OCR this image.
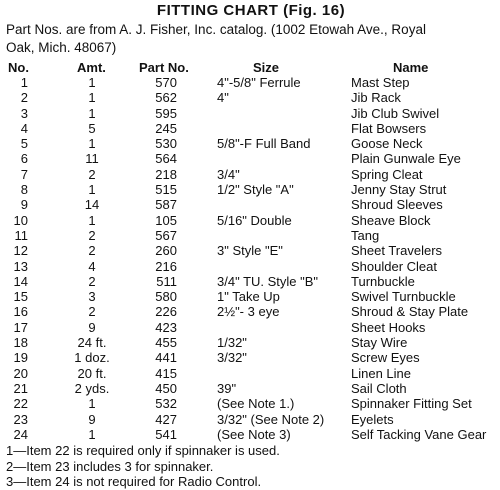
FITTING CHART (Fig. 16)
Part Nos. are from A. J. Fisher, Inc. catalog. (1002 Etowah Ave., Royal
Oak, Mich. 48067)
No.	Amt.	Part No.	Size	Name
1	1	570	4"-5/8" Ferrule	Mast Step
2	1	562	4"	Jib Rack
3	1	595		Jib Club Swivel
4	5	245		Flat Bowsers
5	1	530	5/8"-F Full Band	Goose Neck
6	11	564		Plain Gunwale Eye
7	2	218	3/4"	Spring Cleat
8	1	515	1/2" Style "A"	Jenny Stay Strut
9	14	587		Shroud Sleeves
10	1	105	5/16" Double	Sheave Block
11	2	567		Tang
12	2	260	3" Style "E"	Sheet Travelers
13	4	216		Shoulder Cleat
14	2	511	3/4" TU. Style "B"	Turnbuckle
15	3	580	1" Take Up	Swivel Turnbuckle
16	2	226	2½"- 3 eye	Shroud & Stay Plate
17	9	423		Sheet Hooks
18	24 ft.	455	1/32"	Stay Wire
19	1 doz.	441	3/32"	Screw Eyes
20	20 ft.	415		Linen Line
21	2 yds.	450	39"	Sail Cloth
22	1	532	(See Note 1.)	Spinnaker Fitting Set
23	9	427	3/32" (See Note 2)	Eyelets
24	1	541	(See Note 3)	Self Tacking Vane Gear
1—Item 22 is required only if spinnaker is used.
2—Item 23 includes 3 for spinnaker.
3—Item 24 is not required for Radio Control.
